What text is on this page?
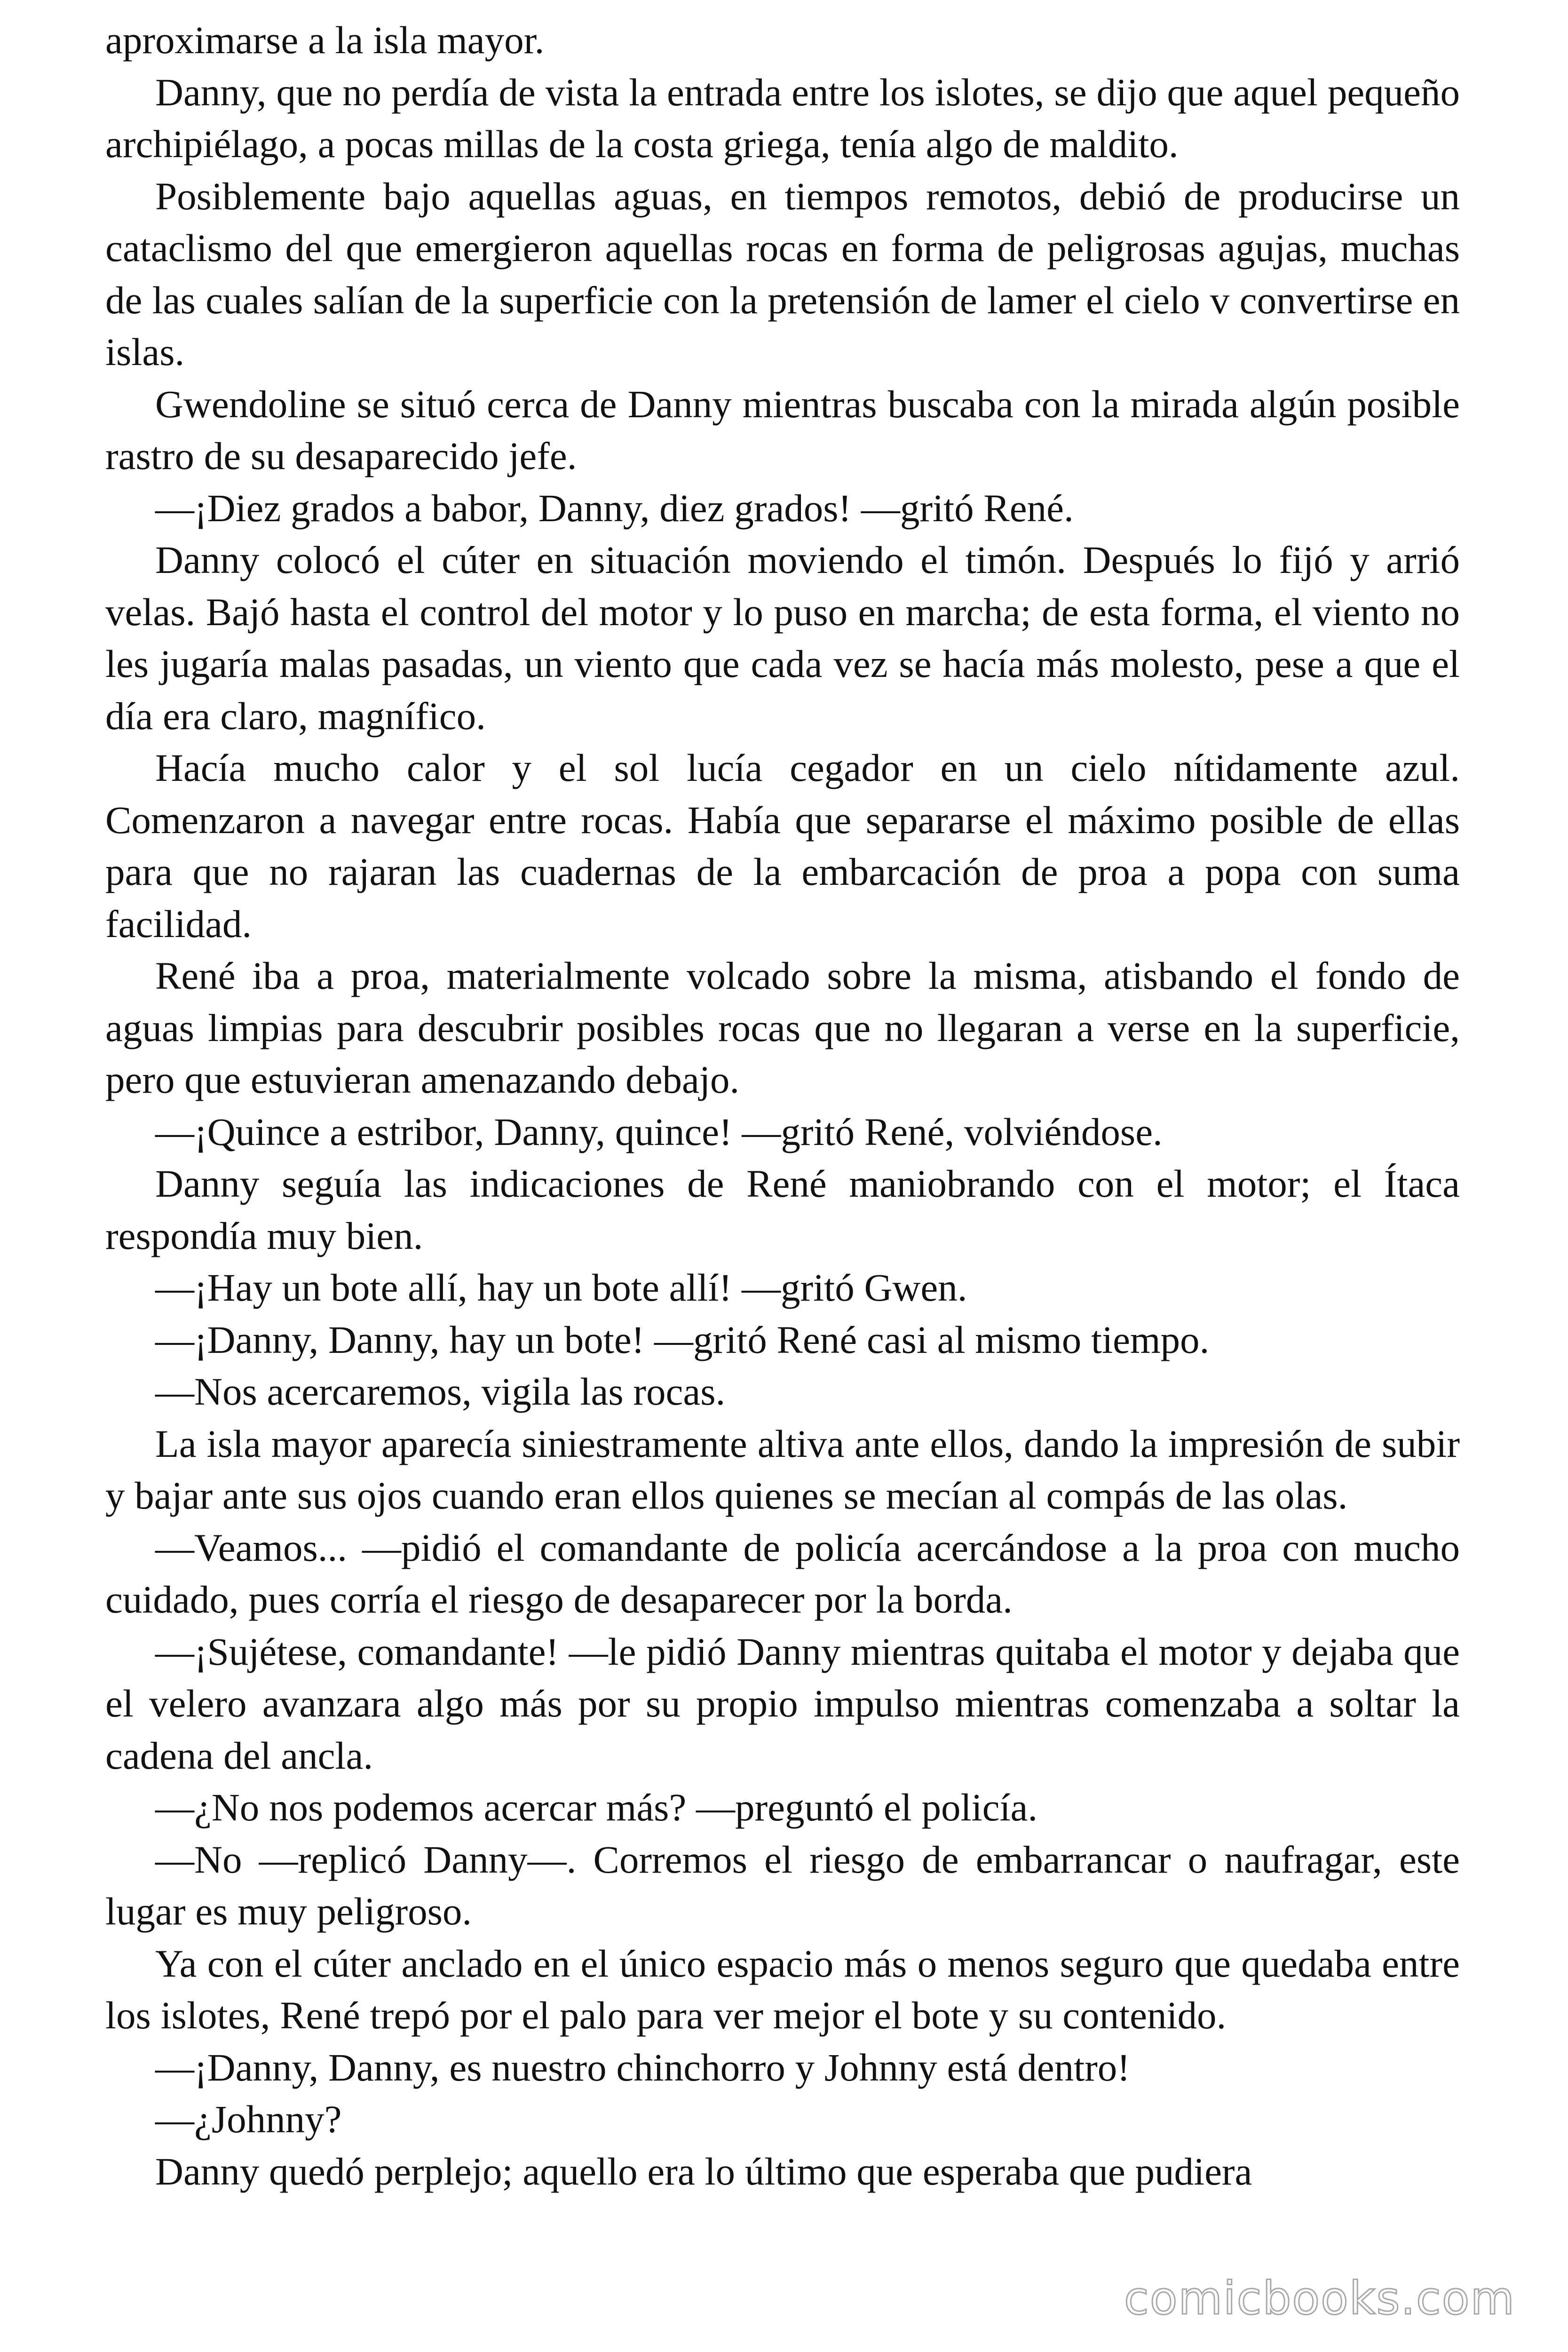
aproximarse a la isla mayor.

Danny, que no perdía de vista la entrada entre los islotes, se dijo que aquel pequeño archipiélago, a pocas millas de la costa griega, tenía algo de maldito.

Posiblemente bajo aquellas aguas, en tiempos remotos, debió de producirse un cataclismo del que emergieron aquellas rocas en forma de peligrosas agujas, muchas de las cuales salían de la superficie con la pretensión de lamer el cielo v convertirse en islas.

Gwendoline se situó cerca de Danny mientras buscaba con la mirada algún posible rastro de su desaparecido jefe.

—¡Diez grados a babor, Danny, diez grados! —gritó René.

Danny colocó el cúter en situación moviendo el timón. Después lo fijó y arrió velas. Bajó hasta el control del motor y lo puso en marcha; de esta forma, el viento no les jugaría malas pasadas, un viento que cada vez se hacía más molesto, pese a que el día era claro, magnífico.

Hacía mucho calor y el sol lucía cegador en un cielo nítidamente azul. Comenzaron a navegar entre rocas. Había que separarse el máximo posible de ellas para que no rajaran las cuadernas de la embarcación de proa a popa con suma facilidad.

René iba a proa, materialmente volcado sobre la misma, atisbando el fondo de aguas limpias para descubrir posibles rocas que no llegaran a verse en la superficie, pero que estuvieran amenazando debajo.

—¡Quince a estribor, Danny, quince! —gritó René, volviéndose.

Danny seguía las indicaciones de René maniobrando con el motor; el Ítaca respondía muy bien.

—¡Hay un bote allí, hay un bote allí! —gritó Gwen.

—¡Danny, Danny, hay un bote! —gritó René casi al mismo tiempo.

—Nos acercaremos, vigila las rocas.

La isla mayor aparecía siniestramente altiva ante ellos, dando la impresión de subir y bajar ante sus ojos cuando eran ellos quienes se mecían al compás de las olas.

—Veamos... —pidió el comandante de policía acercándose a la proa con mucho cuidado, pues corría el riesgo de desaparecer por la borda.

—¡Sujétese, comandante! —le pidió Danny mientras quitaba el motor y dejaba que el velero avanzara algo más por su propio impulso mientras comenzaba a soltar la cadena del ancla.

—¿No nos podemos acercar más? —preguntó el policía.

—No —replicó Danny—. Corremos el riesgo de embarrancar o naufragar, este lugar es muy peligroso.

Ya con el cúter anclado en el único espacio más o menos seguro que quedaba entre los islotes, René trepó por el palo para ver mejor el bote y su contenido.

—¡Danny, Danny, es nuestro chinchorro y Johnny está dentro!

—¿Johnny?

Danny quedó perplejo; aquello era lo último que esperaba que pudiera

comicbooks.com
